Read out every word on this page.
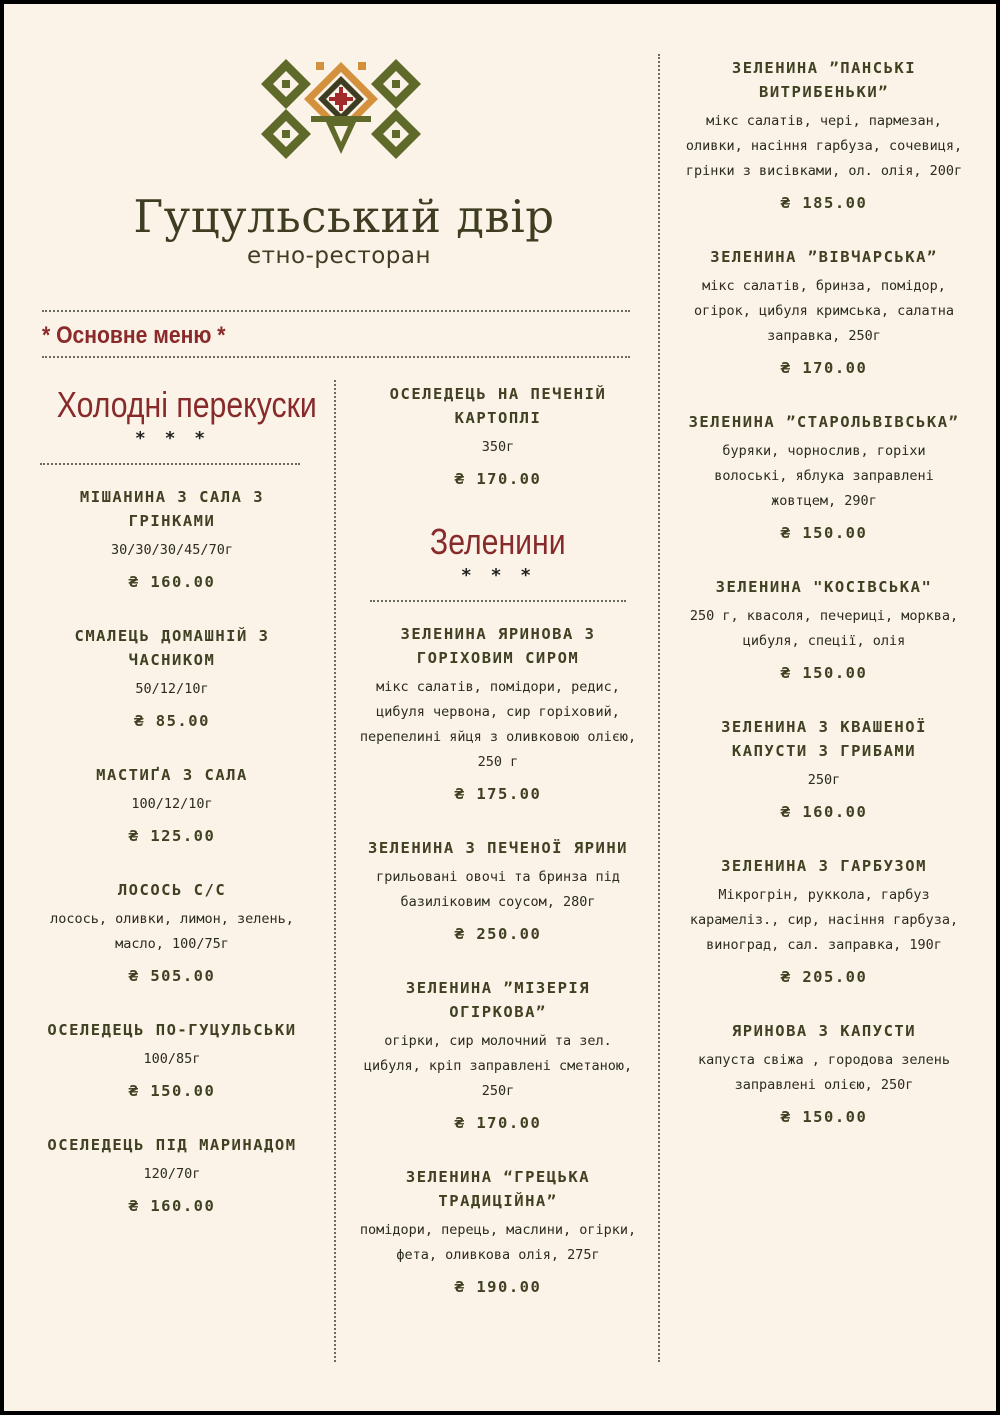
Гуцульський двір
етно-ресторан
* Основне меню *
Холодні перекуски
* * *
МІШАНИНА З САЛА З ГРІНКАМИ
30/30/30/45/70г
₴ 160.00
СМАЛЕЦЬ ДОМАШНІЙ З ЧАСНИКОМ
50/12/10г
₴ 85.00
МАСТИҐА З САЛА
100/12/10г
₴ 125.00
ЛОСОСЬ С/С
лосось, оливки, лимон, зелень, масло, 100/75г
₴ 505.00
ОСЕЛЕДЕЦЬ ПО-ГУЦУЛЬСЬКИ
100/85г
₴ 150.00
ОСЕЛЕДЕЦЬ ПІД МАРИНАДОМ
120/70г
₴ 160.00
ОСЕЛЕДЕЦЬ НА ПЕЧЕНІЙ КАРТОПЛІ
350г
₴ 170.00
Зеленини
* * *
ЗЕЛЕНИНА ЯРИНОВА З ГОРІХОВИМ СИРОМ
мікс салатів, помідори, редис, цибуля червона, сир горіховий, перепелині яйця з оливковою олією, 250 г
₴ 175.00
ЗЕЛЕНИНА З ПЕЧЕНОЇ ЯРИНИ
грильовані овочі та бринза під базиліковим соусом, 280г
₴ 250.00
ЗЕЛЕНИНА ”МІЗЕРІЯ ОГІРКОВА”
огірки, сир молочний та зел. цибуля, кріп заправлені сметаною, 250г
₴ 170.00
ЗЕЛЕНИНА “ГРЕЦЬКА ТРАДИЦІЙНА”
помідори, перець, маслини, огірки, фета, оливкова олія, 275г
₴ 190.00
ЗЕЛЕНИНА ”ПАНСЬКІ ВИТРИБЕНЬКИ”
мікс салатів, чері, пармезан, оливки, насіння гарбуза, сочевиця, грінки з висівками, ол. олія, 200г
₴ 185.00
ЗЕЛЕНИНА ”ВІВЧАРСЬКА”
мікс салатів, бринза, помідор, огірок, цибуля кримська, салатна заправка, 250г
₴ 170.00
ЗЕЛЕНИНА ”СТАРОЛЬВІВСЬКА”
буряки, чорнослив, горіхи волоські, яблука заправлені жовтцем, 290г
₴ 150.00
ЗЕЛЕНИНА "КОСІВСЬКА"
250 г, квасоля, печериці, морква, цибуля, спеції, олія
₴ 150.00
ЗЕЛЕНИНА З КВАШЕНОЇ КАПУСТИ З ГРИБАМИ
250г
₴ 160.00
ЗЕЛЕНИНА З ГАРБУЗОМ
Мікрогрін, руккола, гарбуз карамеліз., сир, насіння гарбуза, виноград, сал. заправка, 190г
₴ 205.00
ЯРИНОВА З КАПУСТИ
капуста свіжа , городова зелень заправлені олією, 250г
₴ 150.00
